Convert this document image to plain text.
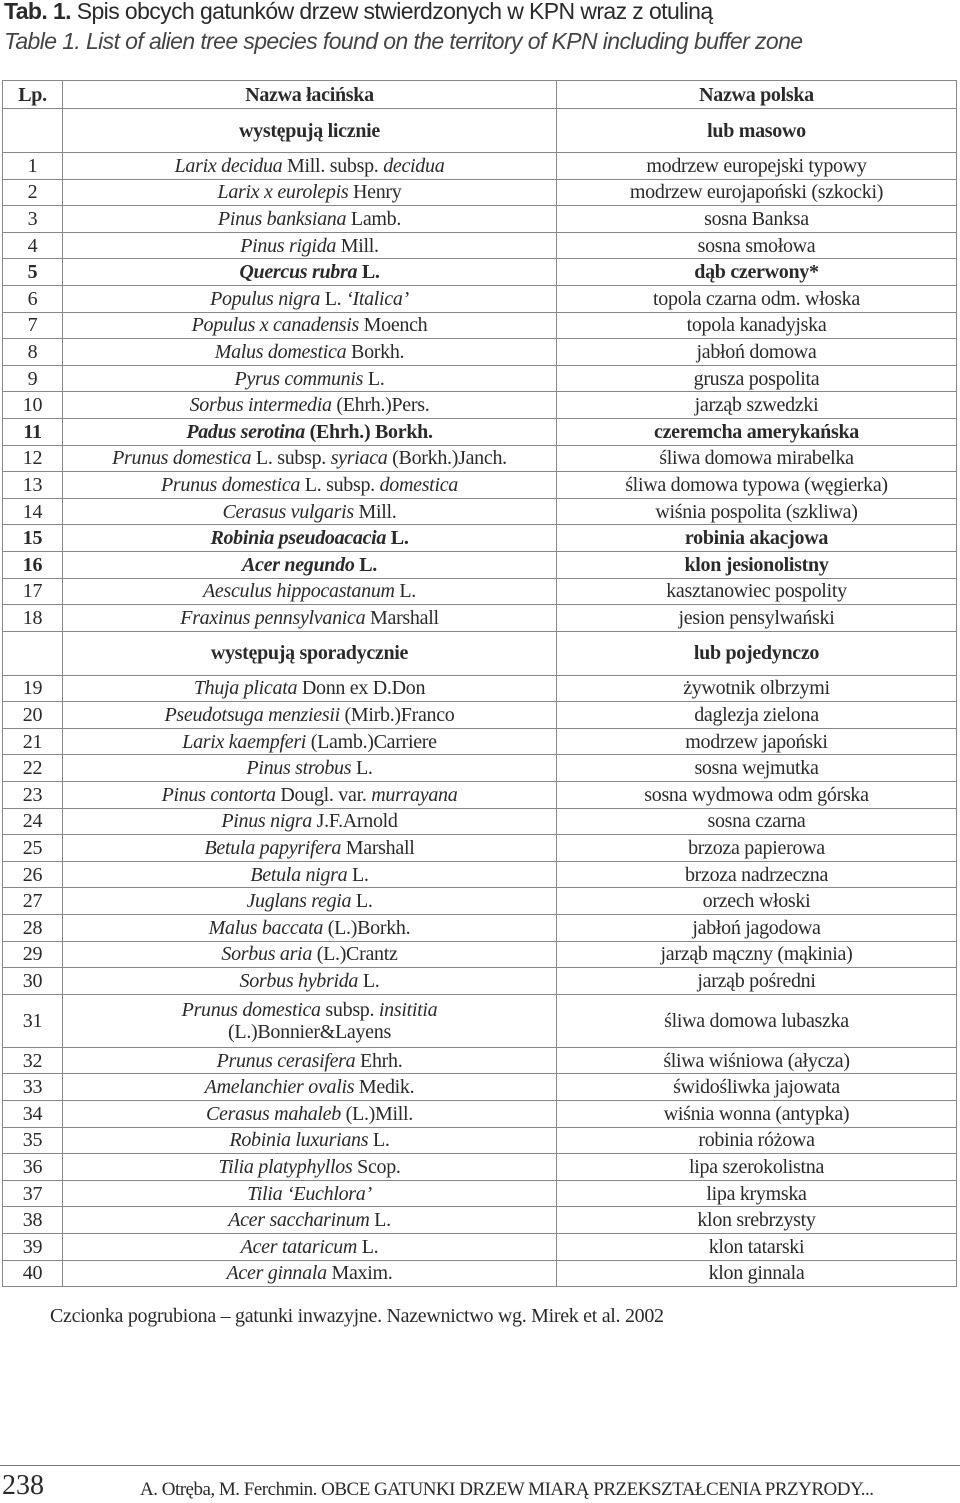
Tab. 1. Spis obcych gatunków drzew stwierdzonych w KPN wraz z otuliną
Table 1. List of alien tree species found on the territory of KPN including buffer zone
Lp.	Nazwa łacińska	Nazwa polska
	występują licznie	lub masowo
1	Larix decidua Mill. subsp. decidua	modrzew europejski typowy
2	Larix x eurolepis Henry	modrzew eurojapoński (szkocki)
3	Pinus banksiana Lamb.	sosna Banksa
4	Pinus rigida Mill.	sosna smołowa
5	Quercus rubra L.	dąb czerwony*
6	Populus nigra L. ‘Italica’	topola czarna odm. włoska
7	Populus x canadensis Moench	topola kanadyjska
8	Malus domestica Borkh.	jabłoń domowa
9	Pyrus communis L.	grusza pospolita
10	Sorbus intermedia (Ehrh.)Pers.	jarząb szwedzki
11	Padus serotina (Ehrh.) Borkh.	czeremcha amerykańska
12	Prunus domestica L. subsp. syriaca (Borkh.)Janch.	śliwa domowa mirabelka
13	Prunus domestica L. subsp. domestica	śliwa domowa typowa (węgierka)
14	Cerasus vulgaris Mill.	wiśnia pospolita (szkliwa)
15	Robinia pseudoacacia L.	robinia akacjowa
16	Acer negundo L.	klon jesionolistny
17	Aesculus hippocastanum L.	kasztanowiec pospolity
18	Fraxinus pennsylvanica Marshall	jesion pensylwański
	występują sporadycznie	lub pojedynczo
19	Thuja plicata Donn ex D.Don	żywotnik olbrzymi
20	Pseudotsuga menziesii (Mirb.)Franco	daglezja zielona
21	Larix kaempferi (Lamb.)Carriere	modrzew japoński
22	Pinus strobus L.	sosna wejmutka
23	Pinus contorta Dougl. var. murrayana	sosna wydmowa odm górska
24	Pinus nigra J.F.Arnold	sosna czarna
25	Betula papyrifera Marshall	brzoza papierowa
26	Betula nigra L.	brzoza nadrzeczna
27	Juglans regia L.	orzech włoski
28	Malus baccata (L.)Borkh.	jabłoń jagodowa
29	Sorbus aria (L.)Crantz	jarząb mączny (mąkinia)
30	Sorbus hybrida L.	jarząb pośredni
31	Prunus domestica subsp. insititia
(L.)Bonnier&Layens	śliwa domowa lubaszka
32	Prunus cerasifera Ehrh.	śliwa wiśniowa (ałycza)
33	Amelanchier ovalis Medik.	świdośliwka jajowata
34	Cerasus mahaleb (L.)Mill.	wiśnia wonna (antypka)
35	Robinia luxurians L.	robinia różowa
36	Tilia platyphyllos Scop.	lipa szerokolistna
37	Tilia ‘Euchlora’	lipa krymska
38	Acer saccharinum L.	klon srebrzysty
39	Acer tataricum L.	klon tatarski
40	Acer ginnala Maxim.	klon ginnala
Czcionka pogrubiona – gatunki inwazyjne. Nazewnictwo wg. Mirek et al. 2002
238	A. Otręba, M. Ferchmin. OBCE GATUNKI DRZEW MIARĄ PRZEKSZTAŁCENIA PRZYRODY...
